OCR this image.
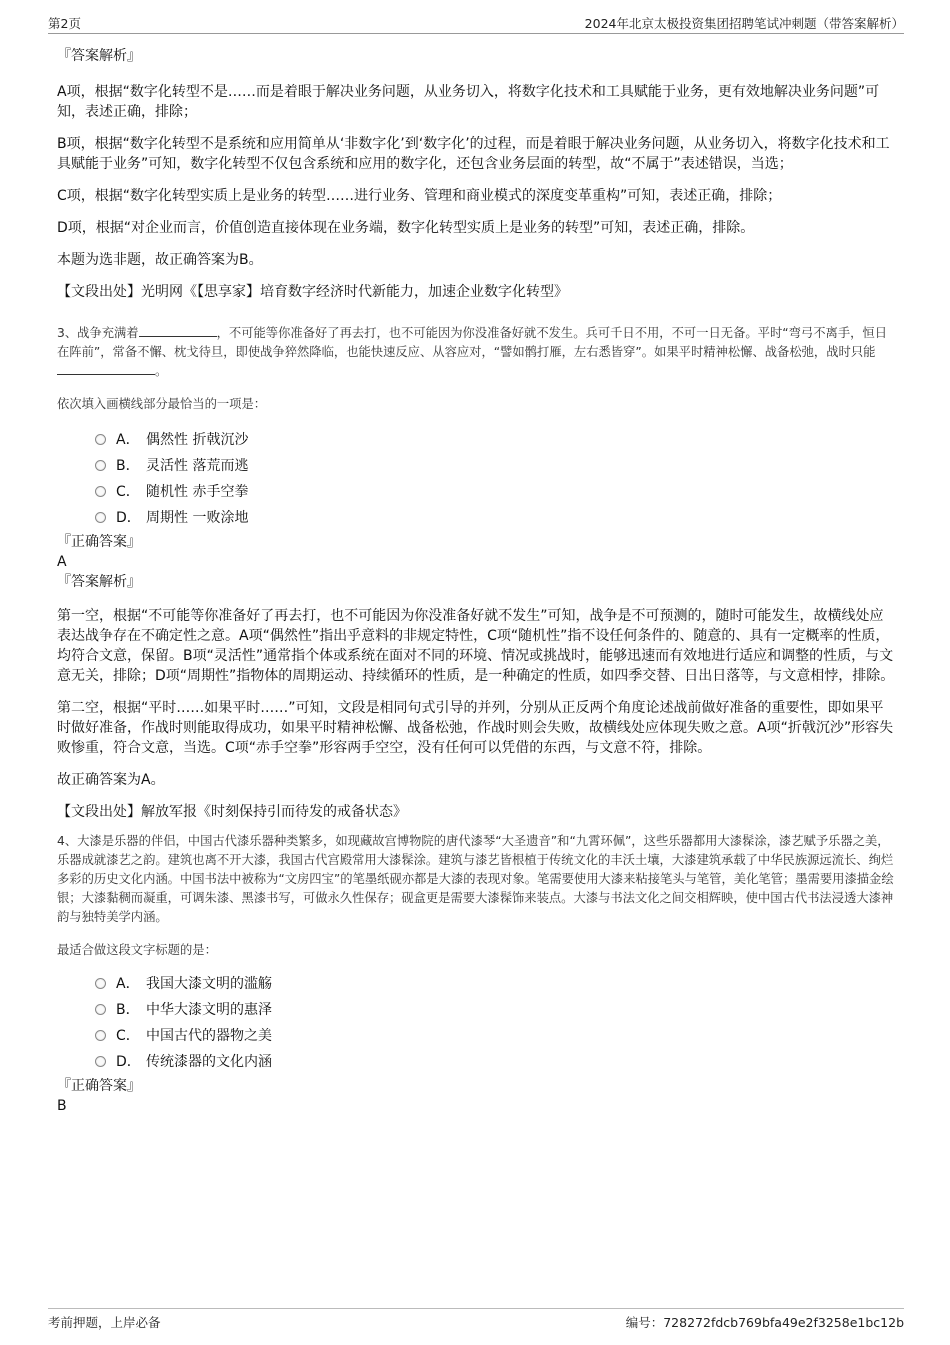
第2页	2024年北京太极投资集团招聘笔试冲刺题（带答案解析）

『答案解析』

A项，根据“数字化转型不是……而是着眼于解决业务问题，从业务切入，将数字化技术和工具赋能于业务，更有效地解决业务问题”可知，表述正确，排除；

B项，根据“数字化转型不是系统和应用简单从‘非数字化’到‘数字化’的过程，而是着眼于解决业务问题，从业务切入，将数字化技术和工具赋能于业务”可知，数字化转型不仅包含系统和应用的数字化，还包含业务层面的转型，故“不属于”表述错误，当选；

C项，根据“数字化转型实质上是业务的转型……进行业务、管理和商业模式的深度变革重构”可知，表述正确，排除；

D项，根据“对企业而言，价值创造直接体现在业务端，数字化转型实质上是业务的转型”可知，表述正确，排除。

本题为选非题，故正确答案为B。

【文段出处】光明网《【思享家】培育数字经济时代新能力，加速企业数字化转型》

3、战争充满着	，不可能等你准备好了再去打，也不可能因为你没准备好就不发生。兵可千日不用，不可一日无备。平时“弯弓不离手，恒日在阵前”，常备不懈、枕戈待旦，即使战争猝然降临，也能快速反应、从容应对，“譬如鹘打雁，左右悉皆穿”。如果平时精神松懈、战备松弛，战时只能。

依次填入画横线部分最恰当的一项是：

A． 偶然性 折戟沉沙
B． 灵活性 落荒而逃
C． 随机性 赤手空拳
D． 周期性 一败涂地

『正确答案』

A

『答案解析』

第一空，根据“不可能等你准备好了再去打，也不可能因为你没准备好就不发生”可知，战争是不可预测的，随时可能发生，故横线处应表达战争存在不确定性之意。A项“偶然性”指出乎意料的非规定特性，C项“随机性”指不设任何条件的、随意的、具有一定概率的性质，均符合文意，保留。B项“灵活性”通常指个体或系统在面对不同的环境、情况或挑战时，能够迅速而有效地进行适应和调整的性质，与文意无关，排除；D项“周期性”指物体的周期运动、持续循环的性质，是一种确定的性质，如四季交替、日出日落等，与文意相悖，排除。

第二空，根据“平时……如果平时……”可知，文段是相同句式引导的并列，分别从正反两个角度论述战前做好准备的重要性，即如果平时做好准备，作战时则能取得成功，如果平时精神松懈、战备松弛，作战时则会失败，故横线处应体现失败之意。A项“折戟沉沙”形容失败惨重，符合文意，当选。C项“赤手空拳”形容两手空空，没有任何可以凭借的东西，与文意不符，排除。

故正确答案为A。

【文段出处】解放军报《时刻保持引而待发的戒备状态》

4、大漆是乐器的伴侣，中国古代漆乐器种类繁多，如现藏故宫博物院的唐代漆琴“大圣遗音”和“九霄环佩”，这些乐器都用大漆髹涂，漆艺赋予乐器之美，乐器成就漆艺之韵。建筑也离不开大漆，我国古代宫殿常用大漆髹涂。建筑与漆艺皆根植于传统文化的丰沃土壤，大漆建筑承载了中华民族源远流长、绚烂多彩的历史文化内涵。中国书法中被称为“文房四宝”的笔墨纸砚亦都是大漆的表现对象。笔需要使用大漆来粘接笔头与笔管，美化笔管；墨需要用漆描金绘银；大漆黏稠而凝重，可调朱漆、黑漆书写，可做永久性保存；砚盒更是需要大漆髹饰来装点。大漆与书法文化之间交相辉映，使中国古代书法浸透大漆神韵与独特美学内涵。

最适合做这段文字标题的是：

A． 我国大漆文明的滥觞
B． 中华大漆文明的惠泽
C． 中国古代的器物之美
D． 传统漆器的文化内涵

『正确答案』

B

考前押题，上岸必备	编号：728272fdcb769bfa49e2f3258e1bc12b
